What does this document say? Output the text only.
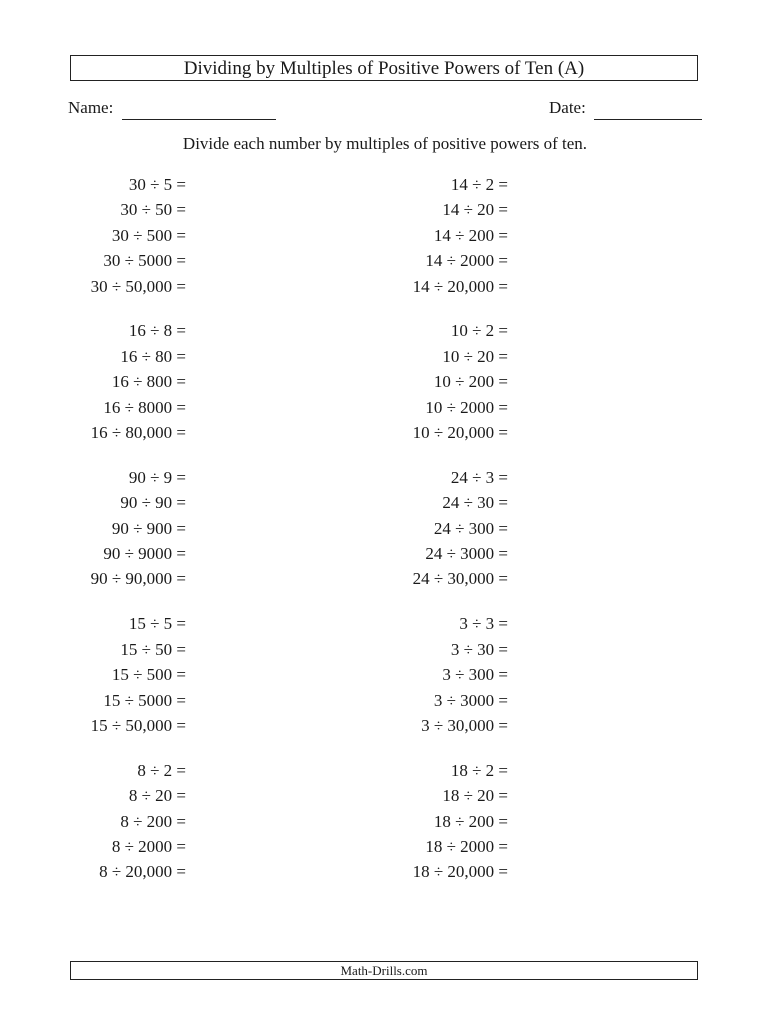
Dividing by Multiples of Positive Powers of Ten (A)
Name:	Date:
Divide each number by multiples of positive powers of ten.
30 ÷ 5 =
30 ÷ 50 =
30 ÷ 500 =
30 ÷ 5000 =
30 ÷ 50,000 =
16 ÷ 8 =
16 ÷ 80 =
16 ÷ 800 =
16 ÷ 8000 =
16 ÷ 80,000 =
90 ÷ 9 =
90 ÷ 90 =
90 ÷ 900 =
90 ÷ 9000 =
90 ÷ 90,000 =
15 ÷ 5 =
15 ÷ 50 =
15 ÷ 500 =
15 ÷ 5000 =
15 ÷ 50,000 =
8 ÷ 2 =
8 ÷ 20 =
8 ÷ 200 =
8 ÷ 2000 =
8 ÷ 20,000 =
14 ÷ 2 =
14 ÷ 20 =
14 ÷ 200 =
14 ÷ 2000 =
14 ÷ 20,000 =
10 ÷ 2 =
10 ÷ 20 =
10 ÷ 200 =
10 ÷ 2000 =
10 ÷ 20,000 =
24 ÷ 3 =
24 ÷ 30 =
24 ÷ 300 =
24 ÷ 3000 =
24 ÷ 30,000 =
3 ÷ 3 =
3 ÷ 30 =
3 ÷ 300 =
3 ÷ 3000 =
3 ÷ 30,000 =
18 ÷ 2 =
18 ÷ 20 =
18 ÷ 200 =
18 ÷ 2000 =
18 ÷ 20,000 =
Math-Drills.com
